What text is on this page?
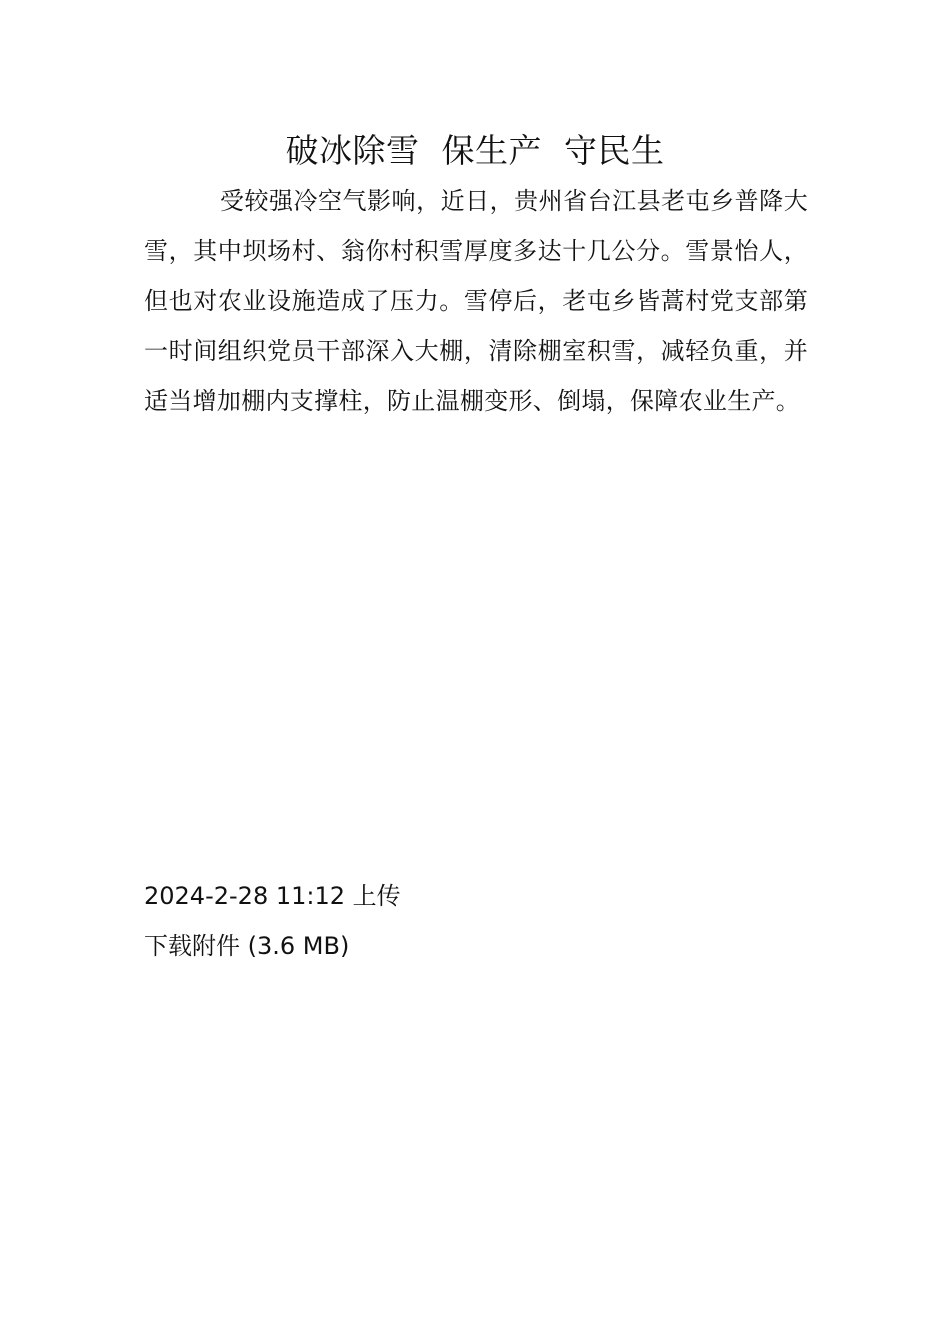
破冰除雪  保生产  守民生

受较强冷空气影响，近日，贵州省台江县老屯乡普降大雪，其中坝场村、翁你村积雪厚度多达十几公分。雪景怡人，但也对农业设施造成了压力。雪停后，老屯乡皆蒿村党支部第一时间组织党员干部深入大棚，清除棚室积雪，减轻负重，并适当增加棚内支撑柱，防止温棚变形、倒塌，保障农业生产。

2024-2-28 11:12 上传
下载附件 (3.6 MB)
